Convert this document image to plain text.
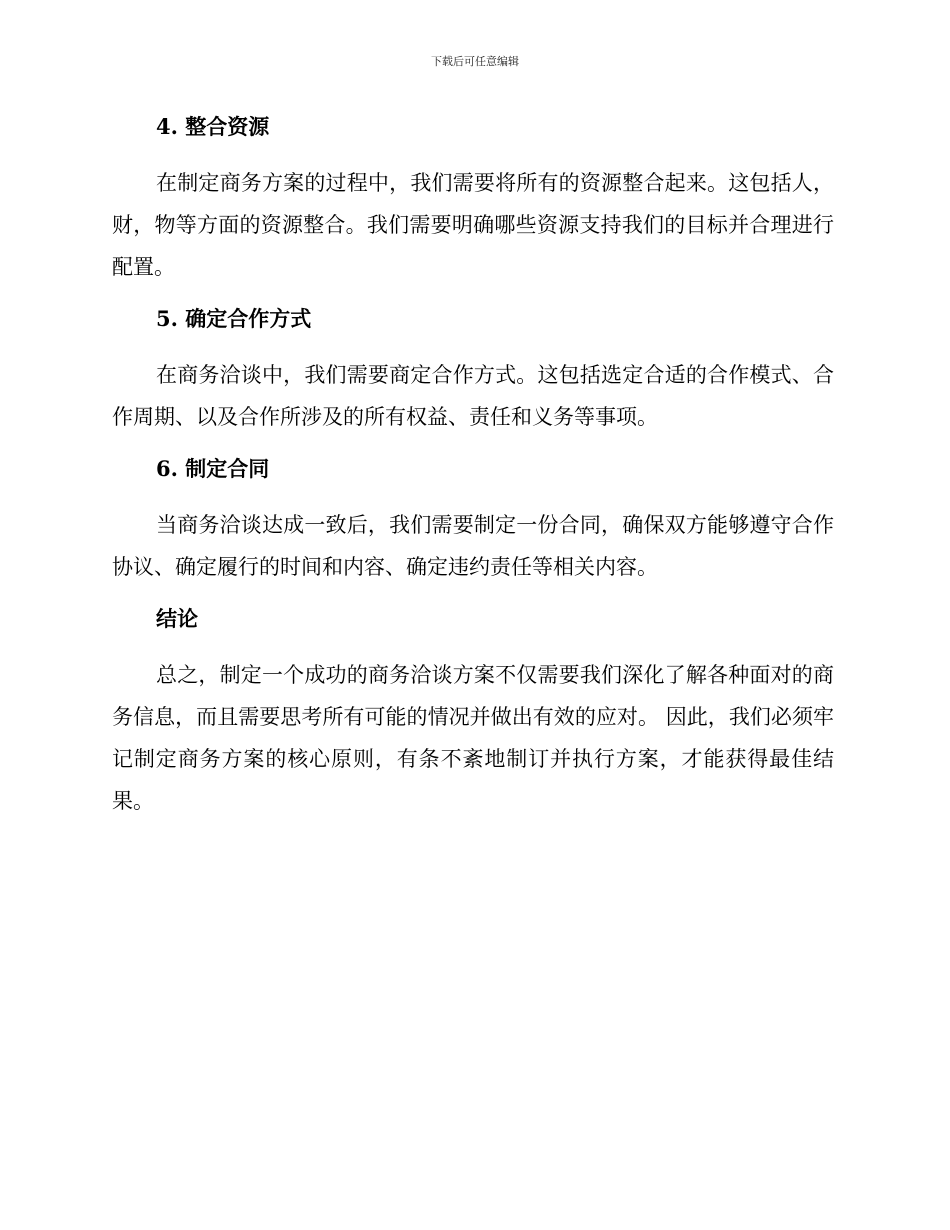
下载后可任意编辑
4. 整合资源

在制定商务方案的过程中，我们需要将所有的资源整合起来。这包括人，财，物等方面的资源整合。我们需要明确哪些资源支持我们的目标并合理进行配置。

5. 确定合作方式

在商务洽谈中，我们需要商定合作方式。这包括选定合适的合作模式、合作周期、以及合作所涉及的所有权益、责任和义务等事项。

6. 制定合同

当商务洽谈达成一致后，我们需要制定一份合同，确保双方能够遵守合作协议、确定履行的时间和内容、确定违约责任等相关内容。

结论

总之，制定一个成功的商务洽谈方案不仅需要我们深化了解各种面对的商务信息，而且需要思考所有可能的情况并做出有效的应对。 因此，我们必须牢记制定商务方案的核心原则，有条不紊地制订并执行方案，才能获得最佳结果。
